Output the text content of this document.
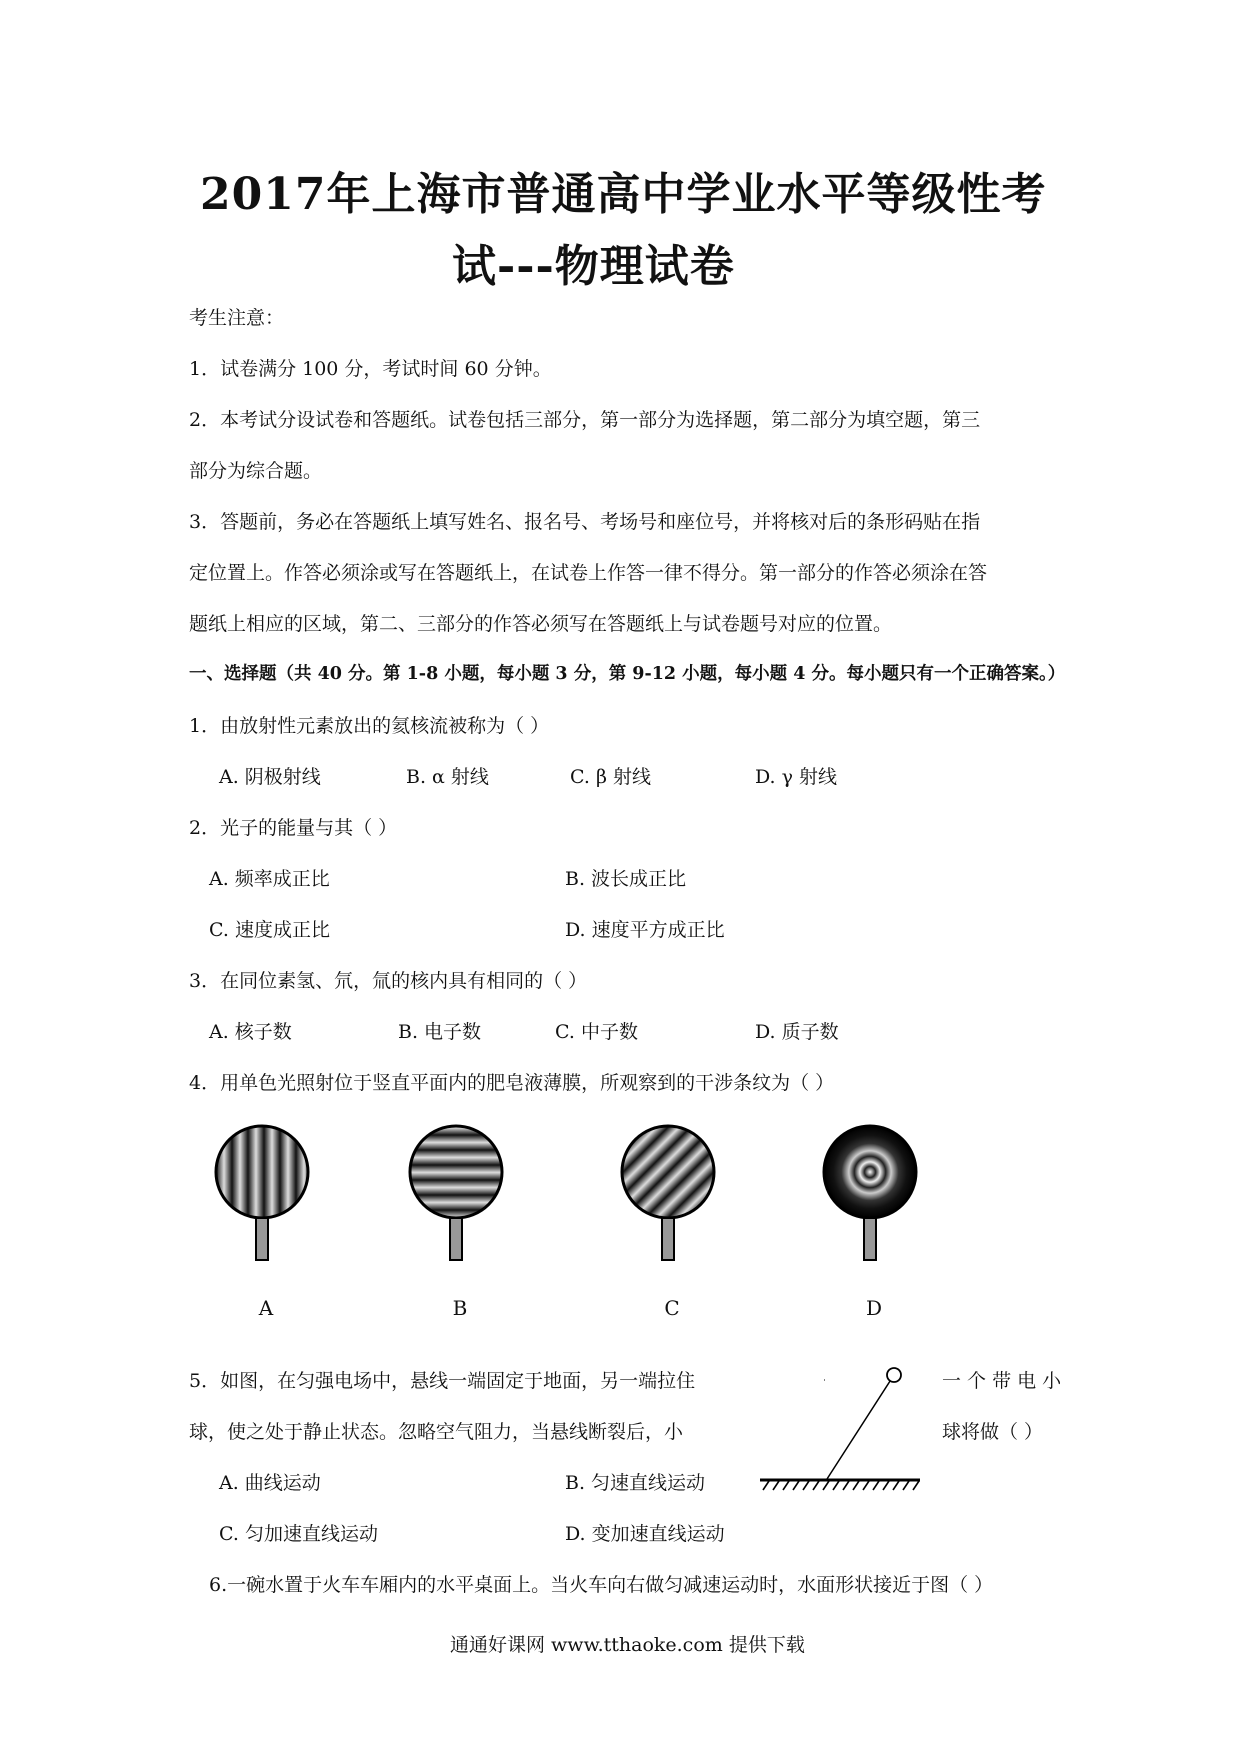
2017年上海市普通高中学业水平等级性考
试---物理试卷
考生注意：
1．试卷满分 100 分，考试时间 60 分钟。
2．本考试分设试卷和答题纸。试卷包括三部分，第一部分为选择题，第二部分为填空题，第三
部分为综合题。
3．答题前，务必在答题纸上填写姓名、报名号、考场号和座位号，并将核对后的条形码贴在指
定位置上。作答必须涂或写在答题纸上，在试卷上作答一律不得分。第一部分的作答必须涂在答
题纸上相应的区域，第二、三部分的作答必须写在答题纸上与试卷题号对应的位置。
一、选择题（共 40 分。第 1-8 小题，每小题 3 分，第 9-12 小题，每小题 4 分。每小题只有一个正确答案。）
1．由放射性元素放出的氦核流被称为（ ）
A. 阴极射线	B. α 射线	C. β 射线	D. γ 射线
2．光子的能量与其（ ）
A. 频率成正比	B. 波长成正比
C. 速度成正比	D. 速度平方成正比
3．在同位素氢、氘，氚的核内具有相同的（ ）
A. 核子数	B. 电子数	C. 中子数	D. 质子数
4．用单色光照射位于竖直平面内的肥皂液薄膜，所观察到的干涉条纹为（ ）
A	B	C	D
5．如图，在匀强电场中，悬线一端固定于地面，另一端拉住	一 个 带 电 小
球，使之处于静止状态。忽略空气阻力，当悬线断裂后，小	球将做（ ）
A. 曲线运动	B. 匀速直线运动
C. 匀加速直线运动	D. 变加速直线运动
6.一碗水置于火车车厢内的水平桌面上。当火车向右做匀减速运动时，水面形状接近于图（ ）
通通好课网 www.tthaoke.com 提供下载
